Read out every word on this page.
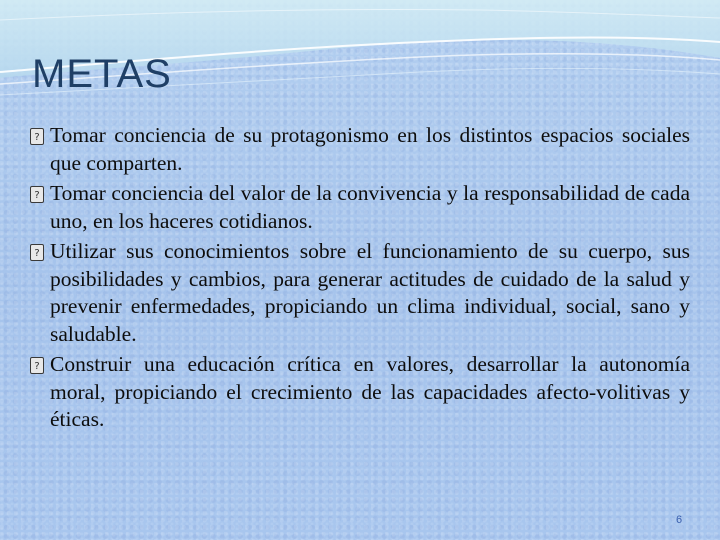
METAS

? Tomar conciencia de su protagonismo en los distintos espacios sociales que comparten.

? Tomar conciencia del valor de la convivencia y la responsabilidad de cada uno, en los haceres cotidianos.

? Utilizar sus conocimientos sobre el funcionamiento de su cuerpo, sus posibilidades y cambios, para generar actitudes de cuidado de la salud y prevenir enfermedades, propiciando un clima individual, social, sano y saludable.

? Construir una educación crítica en valores, desarrollar la autonomía moral, propiciando el crecimiento de las capacidades afecto-volitivas y éticas.

6
